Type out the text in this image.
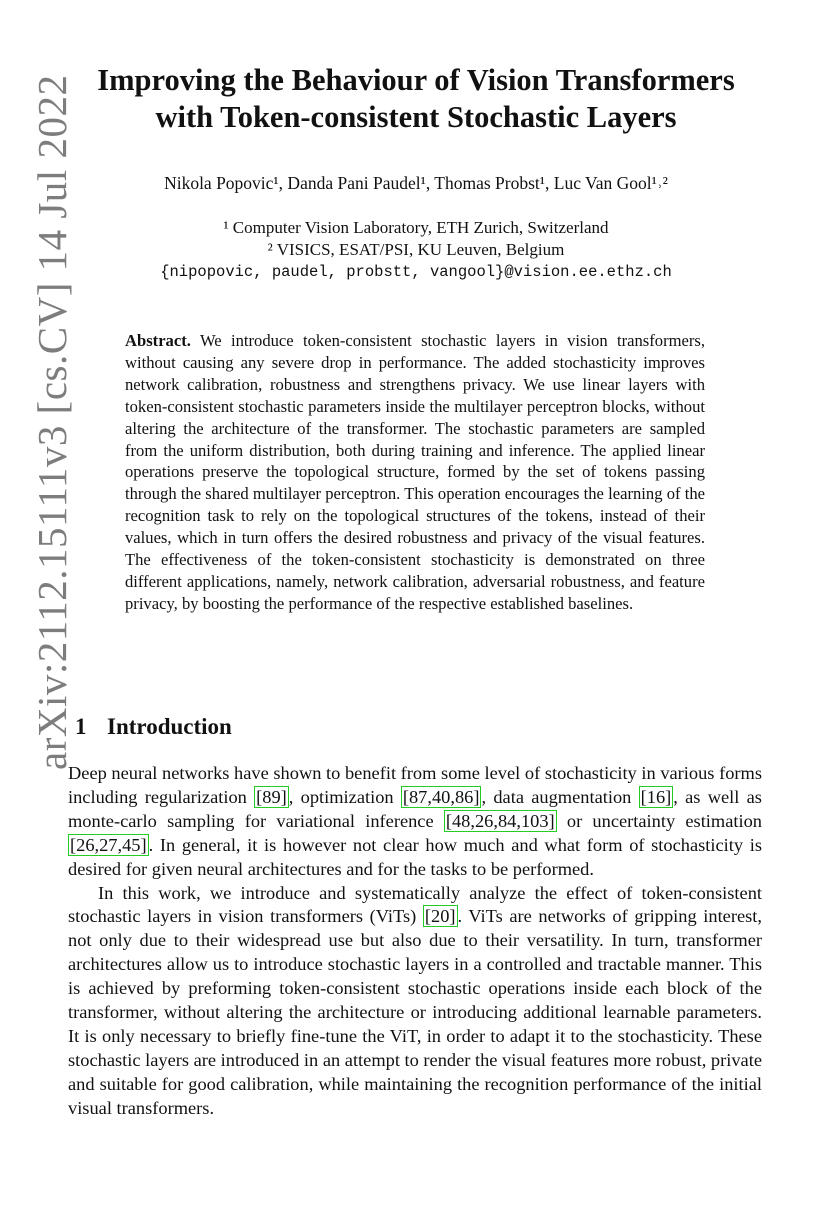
arXiv:2112.15111v3 [cs.CV] 14 Jul 2022 Improving the Behaviour of Vision Transformers
with Token-consistent Stochastic Layers
Nikola Popovic¹, Danda Pani Paudel¹, Thomas Probst¹, Luc Van Gool¹˒²
¹ Computer Vision Laboratory, ETH Zurich, Switzerland
² VISICS, ESAT/PSI, KU Leuven, Belgium
{nipopovic, paudel, probstt, vangool}@vision.ee.ethz.ch

Abstract. We introduce token-consistent stochastic layers in vision transformers, without causing any severe drop in performance. The added stochasticity improves network calibration, robustness and strengthens privacy. We use linear layers with token-consistent stochastic parameters inside the multilayer perceptron blocks, without altering the architecture of the transformer. The stochastic parameters are sampled from the uniform distribution, both during training and inference. The applied linear operations preserve the topological structure, formed by the set of tokens passing through the shared multilayer perceptron. This operation encourages the learning of the recognition task to rely on the topological structures of the tokens, instead of their values, which in turn offers the desired robustness and privacy of the visual features. The effectiveness of the token-consistent stochasticity is demonstrated on three different applications, namely, network calibration, adversarial robustness, and feature privacy, by boosting the performance of the respective established baselines.

1 Introduction

Deep neural networks have shown to benefit from some level of stochasticity in various forms including regularization [89] , optimization [87,40,86] , data augmentation [16] , as well as monte-carlo sampling for variational inference [48,26,84,103] or uncertainty estimation [26,27,45] . In general, it is however not clear how much and what form of stochasticity is desired for given neural architectures and for the tasks to be performed.

In this work, we introduce and systematically analyze the effect of token-consistent stochastic layers in vision transformers (ViTs) [20] . ViTs are networks of gripping interest, not only due to their widespread use but also due to their versatility. In turn, transformer architectures allow us to introduce stochastic layers in a controlled and tractable manner. This is achieved by preforming token-consistent stochastic operations inside each block of the transformer, without altering the architecture or introducing additional learnable parameters. It is only necessary to briefly fine-tune the ViT, in order to adapt it to the stochasticity. These stochastic layers are introduced in an attempt to render the visual features more robust, private and suitable for good calibration, while maintaining the recognition performance of the initial visual transformers.
